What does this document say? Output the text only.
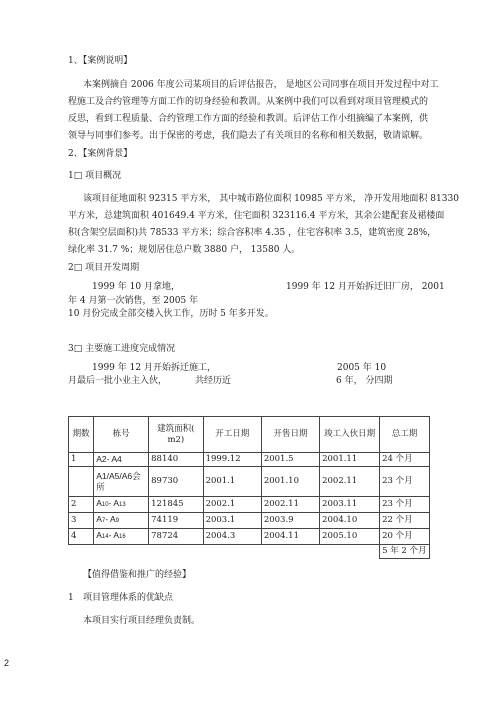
1、【案例说明】
本案例摘自 2006 年度公司某项目的后评估报告， 是地区公司同事在项目开发过程中对工
程施工及合约管理等方面工作的切身经验和教训。从案例中我们可以看到对项目管理模式的
反思，看到工程质量、合约管理工作方面的经验和教训。后评估工作小组摘编了本案例，供
领导与同事们参考。出于保密的考虑，我们隐去了有关项目的名称和相关数据，敬请谅解。
2、【案例背景】
1□ 项目概况
该项目征地面积 92315 平方米， 其中城市路位面积 10985 平方米， 净开发用地面积 81330
平方米，总建筑面积 401649.4 平方米，住宅面积 323116.4 平方米，其余公建配套及裙楼面
积(含架空层面积)共 78533 平方米；综合容积率 4.35 ，住宅容积率 3.5，建筑密度 28%，
绿化率 31.7 %；规划居住总户数 3880 户， 13580 人。
2□ 项目开发周期
1999 年 10 月拿地，	1999 年 12 月开始拆迁旧厂房， 2001
年 4 月第一次销售，至 2005 年
10 月份完成全部交楼入伙工作，历时 5 年多开发。
3□ 主要施工进度完成情况
1999 年 12 月开始拆迁施工，	2005 年 10
月最后一批小业主入伙，	共经历近	6 年， 分四期
期数	栋号	建筑面积( m2)	开工日期	开售日期	竣工入伙日期	总工期
1	A2- A4	88140	1999.12	2001.5	2001.11	24 个月
	A1/A5/A6会所	89730	2001.1	2001.10	2002.11	23 个月
2	A10- A13	121845	2002.1	2002.11	2003.11	23 个月
3	A7- A9	74119	2003.1	2003.9	2004.10	22 个月
4	A14- A16	78724	2004.3	2004.11	2005.10	20 个月
						5 年 2 个月
【值得借鉴和推广的经验】
1 项目管理体系的优缺点
本项目实行项目经理负责制。
2
